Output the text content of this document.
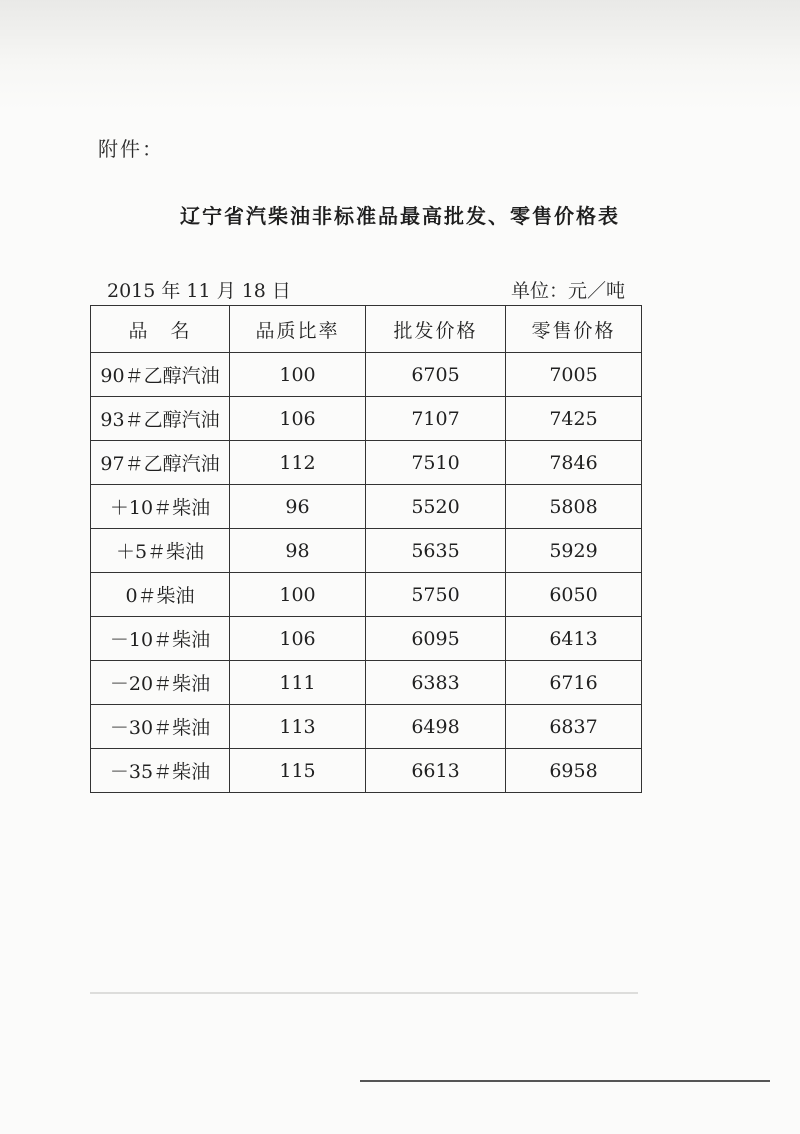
附件：
辽宁省汽柴油非标准品最高批发、零售价格表
2015 年 11 月 18 日	单位：元／吨
品　名	品质比率	批发价格	零售价格
90＃乙醇汽油	100	6705	7005
93＃乙醇汽油	106	7107	7425
97＃乙醇汽油	112	7510	7846
＋10＃柴油	96	5520	5808
＋5＃柴油	98	5635	5929
0＃柴油	100	5750	6050
－10＃柴油	106	6095	6413
－20＃柴油	111	6383	6716
－30＃柴油	113	6498	6837
－35＃柴油	115	6613	6958
